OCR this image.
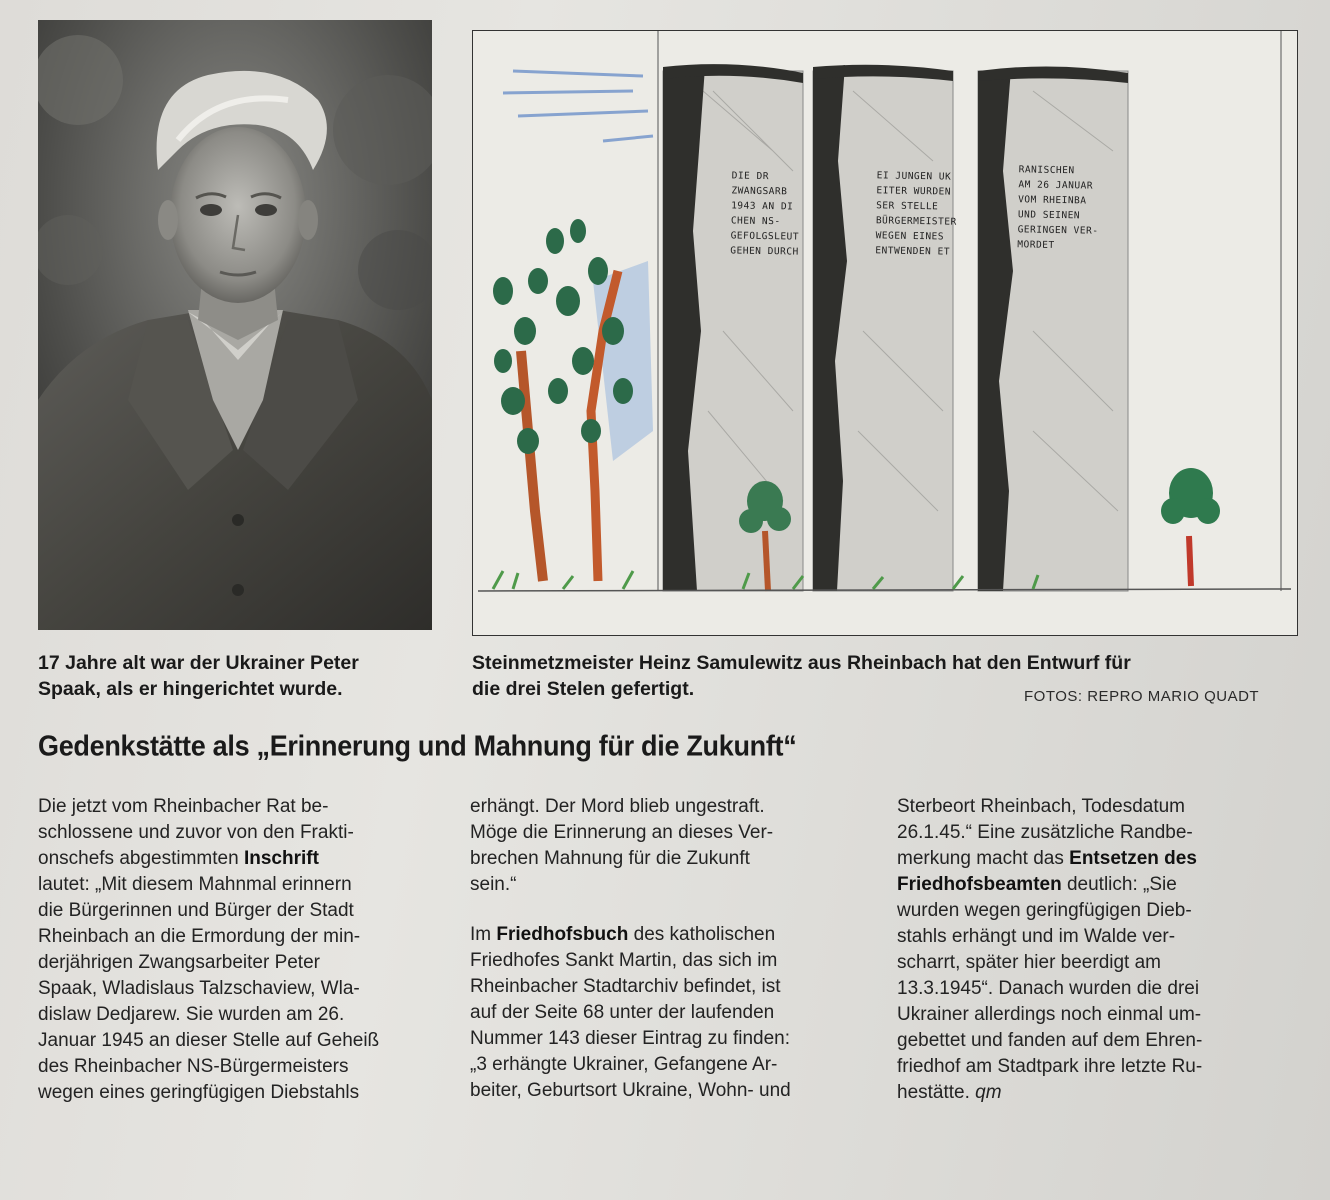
DIE DR
ZWANGSARB
1943 AN DI
CHEN NS-
GEFOLGSLEUT
GEHEN DURCH
EI JUNGEN UK
EITER WURDEN
SER STELLE
BÜRGERMEISTER
WEGEN EINES
ENTWENDEN ET
RANISCHEN
AM 26 JANUAR
VOM RHEINBA
UND SEINEN
GERINGEN VER-
MORDET
17 Jahre alt war der Ukrainer Peter
Spaak, als er hingerichtet wurde.
Steinmetzmeister Heinz Samulewitz aus Rheinbach hat den Entwurf für
die drei Stelen gefertigt.	FOTOS: REPRO MARIO QUADT
Gedenkstätte als „Erinnerung und Mahnung für die Zukunft“

Die jetzt vom Rheinbacher Rat be-

schlossene und zuvor von den Frakti-

onschefs abgestimmten Inschrift

lautet: „Mit diesem Mahnmal erinnern

die Bürgerinnen und Bürger der Stadt

Rheinbach an die Ermordung der min-

derjährigen Zwangsarbeiter Peter

Spaak, Wladislaus Talzschaview, Wla-

dislaw Dedjarew. Sie wurden am 26.

Januar 1945 an dieser Stelle auf Geheiß

des Rheinbacher NS-Bürgermeisters

wegen eines geringfügigen Diebstahls

erhängt. Der Mord blieb ungestraft.

Möge die Erinnerung an dieses Ver-

brechen Mahnung für die Zukunft

sein.“

Im Friedhofsbuch des katholischen

Friedhofes Sankt Martin, das sich im

Rheinbacher Stadtarchiv befindet, ist

auf der Seite 68 unter der laufenden

Nummer 143 dieser Eintrag zu finden:

„3 erhängte Ukrainer, Gefangene Ar-

beiter, Geburtsort Ukraine, Wohn- und

Sterbeort Rheinbach, Todesdatum

26.1.45.“ Eine zusätzliche Randbe-

merkung macht das Entsetzen des

Friedhofsbeamten deutlich: „Sie

wurden wegen geringfügigen Dieb-

stahls erhängt und im Walde ver-

scharrt, später hier beerdigt am

13.3.1945“. Danach wurden die drei

Ukrainer allerdings noch einmal um-

gebettet und fanden auf dem Ehren-

friedhof am Stadtpark ihre letzte Ru-

hestätte. qm
